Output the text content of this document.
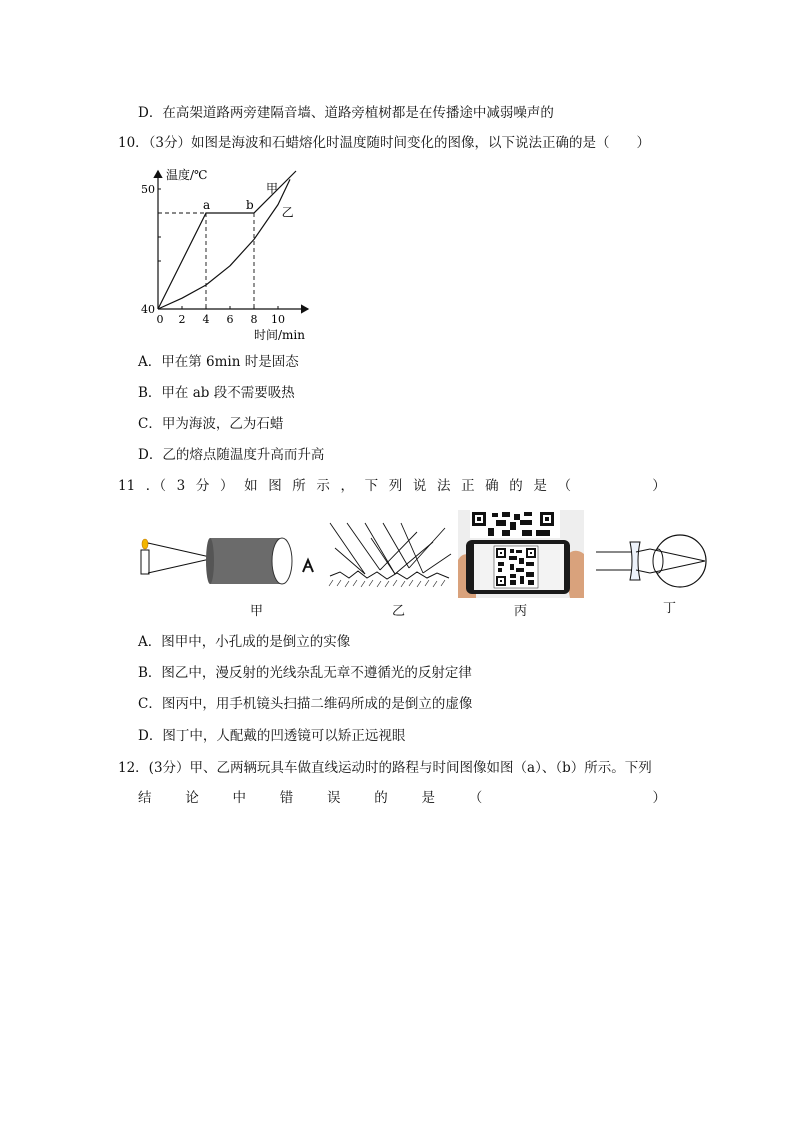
D．在高架道路两旁建隔音墙、道路旁植树都是在传播途中减弱噪声的
10．（3分）如图是海波和石蜡熔化时温度随时间变化的图像，以下说法正确的是（　　）
0 2 4 6 8 10
40
50
a	b
甲
乙
温度/℃
时间/min
A．甲在第 6min 时是固态
B．甲在 ab 段不需要吸热
C．甲为海波，乙为石蜡
D．乙的熔点随温度升高而升高
11 ．（ 3 分 ） 如 图 所 示 ， 下 列 说 法 正 确 的 是 （
　	）
甲	乙	丙	丁
A．图甲中，小孔成的是倒立的实像
B．图乙中，漫反射的光线杂乱无章不遵循光的反射定律
C．图丙中，用手机镜头扫描二维码所成的是倒立的虚像
D．图丁中，人配戴的凹透镜可以矫正远视眼
12．(3分）甲、乙两辆玩具车做直线运动时的路程与时间图像如图（a）、（b）所示。下列
结	论	中	错	误	的	是	（	）
